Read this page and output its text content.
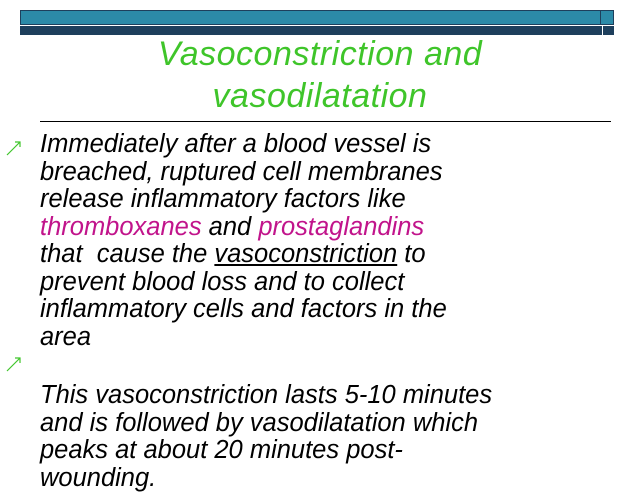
Vasoconstriction and
vasodilatation

Immediately after a blood vessel is
breached, ruptured cell membranes
release inflammatory factors like
thromboxanes and prostaglandins
that  cause the vasoconstriction to
prevent blood loss and to collect
inflammatory cells and factors in the
area

This vasoconstriction lasts 5-10 minutes
and is followed by vasodilatation which
peaks at about 20 minutes post-
wounding.
